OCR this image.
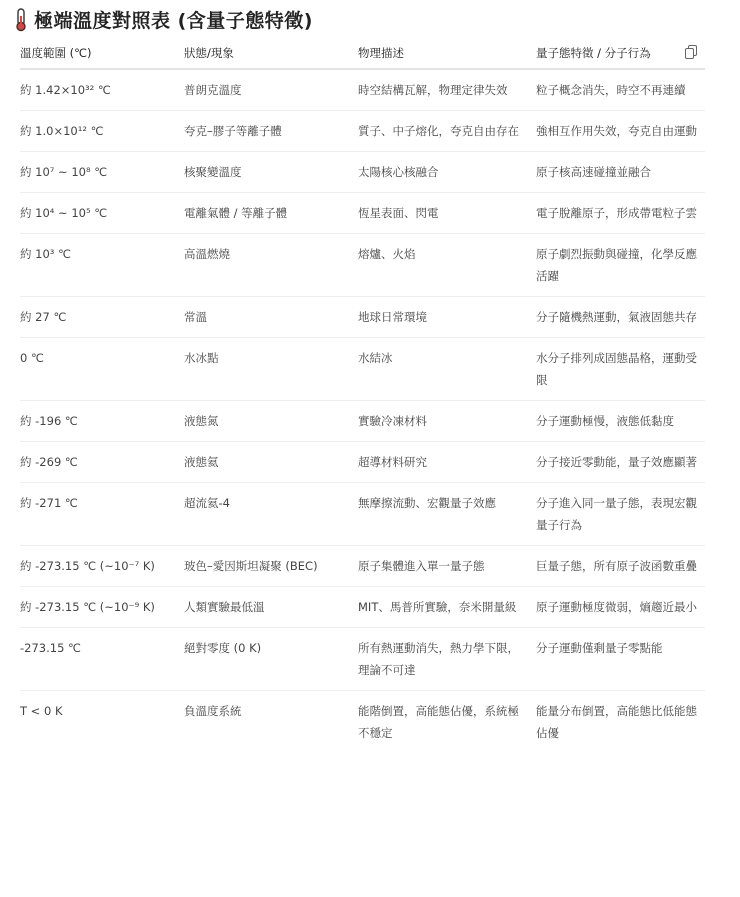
極端溫度對照表 (含量子態特徵)
溫度範圍 (℃)	狀態/現象	物理描述	量子態特徵 / 分子行為

約 1.42×10³² ℃	普朗克溫度	時空結構瓦解，物理定律失效	粒子概念消失，時空不再連續
約 1.0×10¹² ℃	夸克–膠子等離子體	質子、中子熔化，夸克自由存在	強相互作用失效，夸克自由運動
約 10⁷ ~ 10⁸ ℃	核聚變溫度	太陽核心核融合	原子核高速碰撞並融合
約 10⁴ ~ 10⁵ ℃	電離氣體 / 等離子體	恆星表面、閃電	電子脫離原子，形成帶電粒子雲
約 10³ ℃	高溫燃燒	熔爐、火焰	原子劇烈振動與碰撞，化學反應活躍
約 27 ℃	常溫	地球日常環境	分子隨機熱運動，氣液固態共存
0 ℃	水冰點	水結冰	水分子排列成固態晶格，運動受限
約 -196 ℃	液態氮	實驗冷凍材料	分子運動極慢，液態低黏度
約 -269 ℃	液態氦	超導材料研究	分子接近零動能，量子效應顯著
約 -271 ℃	超流氦-4	無摩擦流動、宏觀量子效應	分子進入同一量子態，表現宏觀量子行為
約 -273.15 ℃ (~10⁻⁷ K)	玻色–愛因斯坦凝聚 (BEC)	原子集體進入單一量子態	巨量子態，所有原子波函數重疊
約 -273.15 ℃ (~10⁻⁹ K)	人類實驗最低溫	MIT、馬普所實驗，奈米開量級	原子運動極度微弱，熵趨近最小
-273.15 ℃	絕對零度 (0 K)	所有熱運動消失，熱力學下限，理論不可達	分子運動僅剩量子零點能
T < 0 K	負溫度系統	能階倒置，高能態佔優，系統極不穩定	能量分布倒置，高能態比低能態佔優
